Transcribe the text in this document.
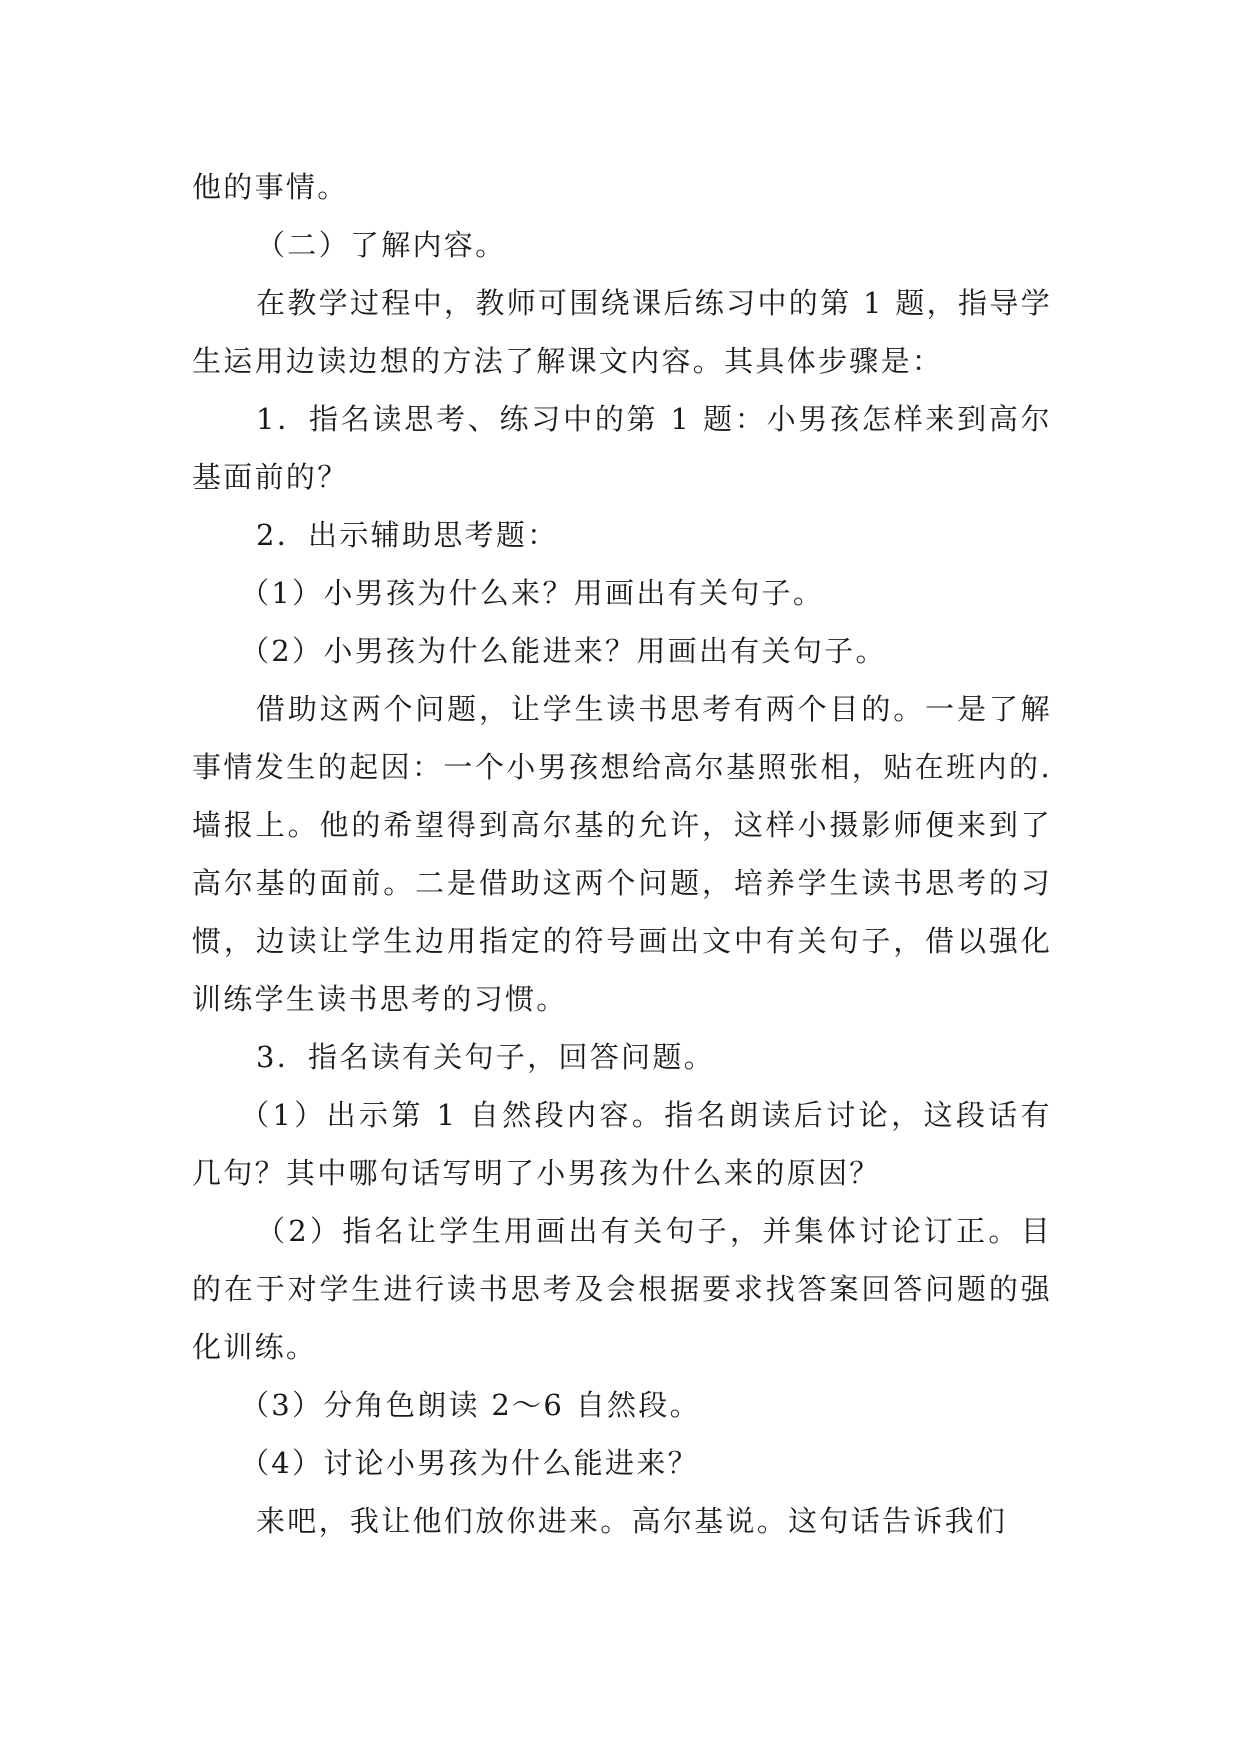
他的事情。

（二）了解内容。

在教学过程中，教师可围绕课后练习中的第 1 题，指导学生运用边读边想的方法了解课文内容。其具体步骤是：

1．指名读思考、练习中的第 1 题：小男孩怎样来到高尔基面前的？

2．出示辅助思考题：

（1）小男孩为什么来？用画出有关句子。

（2）小男孩为什么能进来？用画出有关句子。

借助这两个问题，让学生读书思考有两个目的。一是了解事情发生的起因：一个小男孩想给高尔基照张相，贴在班内的.墙报上。他的希望得到高尔基的允许，这样小摄影师便来到了高尔基的面前。二是借助这两个问题，培养学生读书思考的习惯，边读让学生边用指定的符号画出文中有关句子，借以强化训练学生读书思考的习惯。

3．指名读有关句子，回答问题。

（1）出示第 1 自然段内容。指名朗读后讨论，这段话有几句？其中哪句话写明了小男孩为什么来的原因？

（2）指名让学生用画出有关句子，并集体讨论订正。目的在于对学生进行读书思考及会根据要求找答案回答问题的强化训练。

（3）分角色朗读 2～6 自然段。

（4）讨论小男孩为什么能进来？

来吧，我让他们放你进来。高尔基说。这句话告诉我们
